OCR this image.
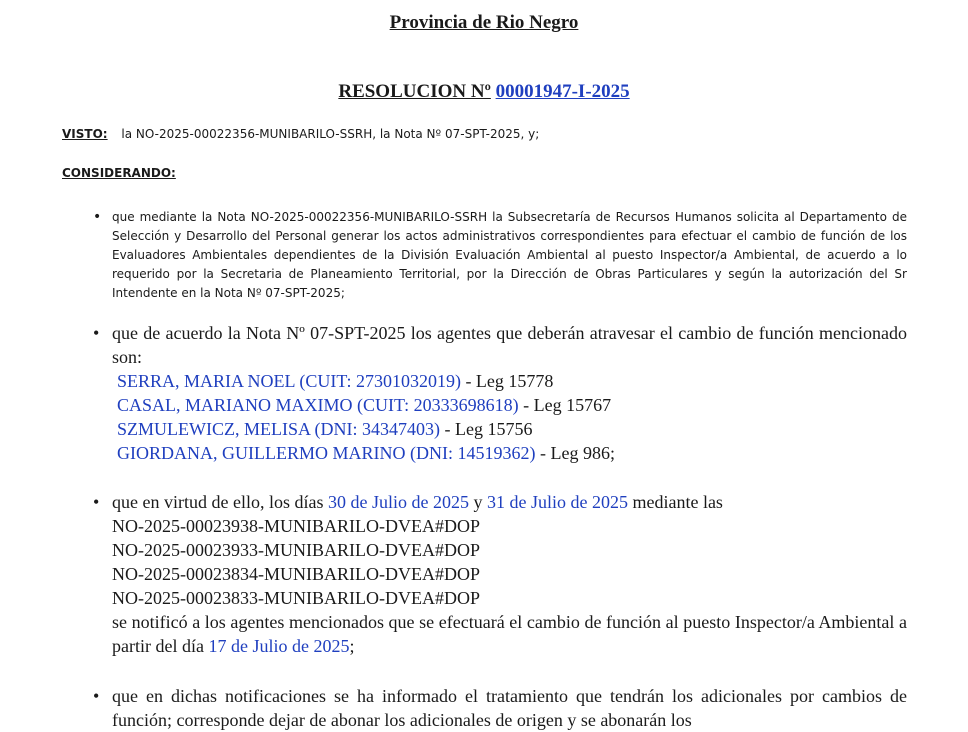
Provincia de Rio Negro
RESOLUCION Nº 00001947-I-2025
VISTO: la NO-2025-00022356-MUNIBARILO-SSRH, la Nota Nº 07-SPT-2025, y;
CONSIDERANDO:
• que mediante la Nota NO-2025-00022356-MUNIBARILO-SSRH la Subsecretaría de Recursos Humanos solicita al Departamento de Selección y Desarrollo del Personal generar los actos administrativos correspondientes para efectuar el cambio de función de los Evaluadores Ambientales dependientes de la División Evaluación Ambiental al puesto Inspector/a Ambiental, de acuerdo a lo requerido por la Secretaria de Planeamiento Territorial, por la Dirección de Obras Particulares y según la autorización del Sr Intendente en la Nota Nº 07-SPT-2025;
• que de acuerdo la Nota Nº 07-SPT-2025 los agentes que deberán atravesar el cambio de función mencionado son:
SERRA, MARIA NOEL (CUIT: 27301032019) - Leg 15778
CASAL, MARIANO MAXIMO (CUIT: 20333698618) - Leg 15767
SZMULEWICZ, MELISA (DNI: 34347403) - Leg 15756
GIORDANA, GUILLERMO MARINO (DNI: 14519362) - Leg 986;
• que en virtud de ello, los días 30 de Julio de 2025 y 31 de Julio de 2025 mediante las
NO-2025-00023938-MUNIBARILO-DVEA#DOP
NO-2025-00023933-MUNIBARILO-DVEA#DOP
NO-2025-00023834-MUNIBARILO-DVEA#DOP
NO-2025-00023833-MUNIBARILO-DVEA#DOP
se notificó a los agentes mencionados que se efectuará el cambio de función al puesto Inspector/a Ambiental a partir del día 17 de Julio de 2025;
• que en dichas notificaciones se ha informado el tratamiento que tendrán los adicionales por cambios de función; corresponde dejar de abonar los adicionales de origen y se abonarán los
